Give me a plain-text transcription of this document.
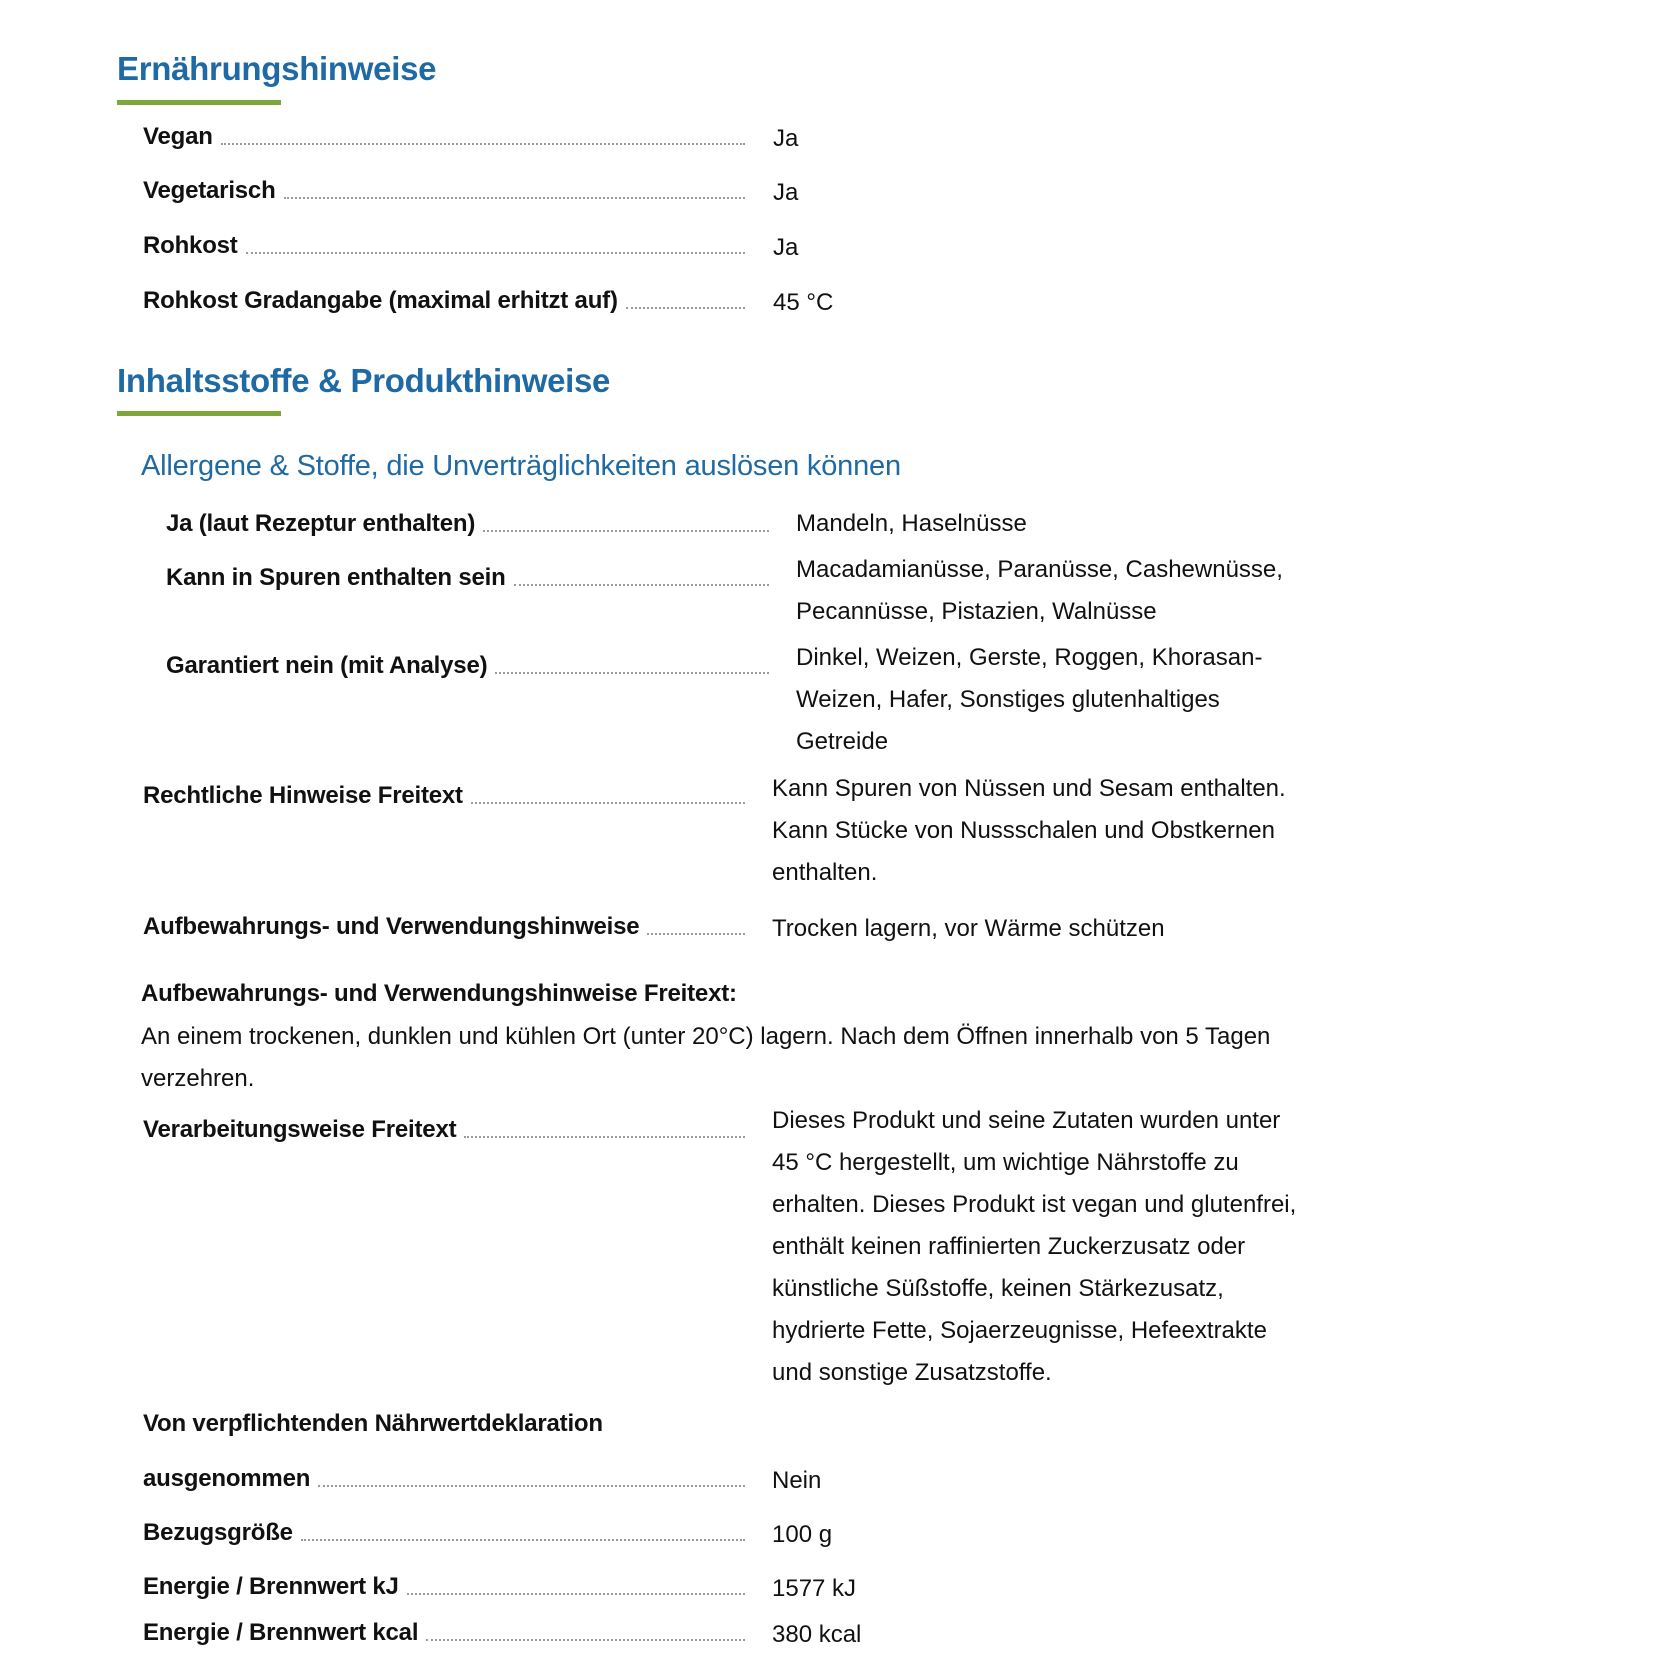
Ernährungshinweise
Vegan	Ja
Vegetarisch	Ja
Rohkost	Ja
Rohkost Gradangabe (maximal erhitzt auf)	45 °C
Inhaltsstoffe & Produkthinweise
Allergene & Stoffe, die Unverträglichkeiten auslösen können
Ja (laut Rezeptur enthalten)	Mandeln, Haselnüsse
Kann in Spuren enthalten sein	Macadamianüsse, Paranüsse, Cashewnüsse,
Pecannüsse, Pistazien, Walnüsse
Garantiert nein (mit Analyse)	Dinkel, Weizen, Gerste, Roggen, Khorasan-
Weizen, Hafer, Sonstiges glutenhaltiges
Getreide
Rechtliche Hinweise Freitext	Kann Spuren von Nüssen und Sesam enthalten.
Kann Stücke von Nussschalen und Obstkernen
enthalten.
Aufbewahrungs- und Verwendungshinweise	Trocken lagern, vor Wärme schützen
Aufbewahrungs- und Verwendungshinweise Freitext:
An einem trockenen, dunklen und kühlen Ort (unter 20°C) lagern. Nach dem Öffnen innerhalb von 5 Tagen
verzehren.
Verarbeitungsweise Freitext	Dieses Produkt und seine Zutaten wurden unter
45 °C hergestellt, um wichtige Nährstoffe zu
erhalten. Dieses Produkt ist vegan und glutenfrei,
enthält keinen raffinierten Zuckerzusatz oder
künstliche Süßstoffe, keinen Stärkezusatz,
hydrierte Fette, Sojaerzeugnisse, Hefeextrakte
und sonstige Zusatzstoffe.
Von verpflichtenden Nährwertdeklaration
ausgenommen	Nein
Bezugsgröße	100 g
Energie / Brennwert kJ	1577 kJ
Energie / Brennwert kcal	380 kcal
